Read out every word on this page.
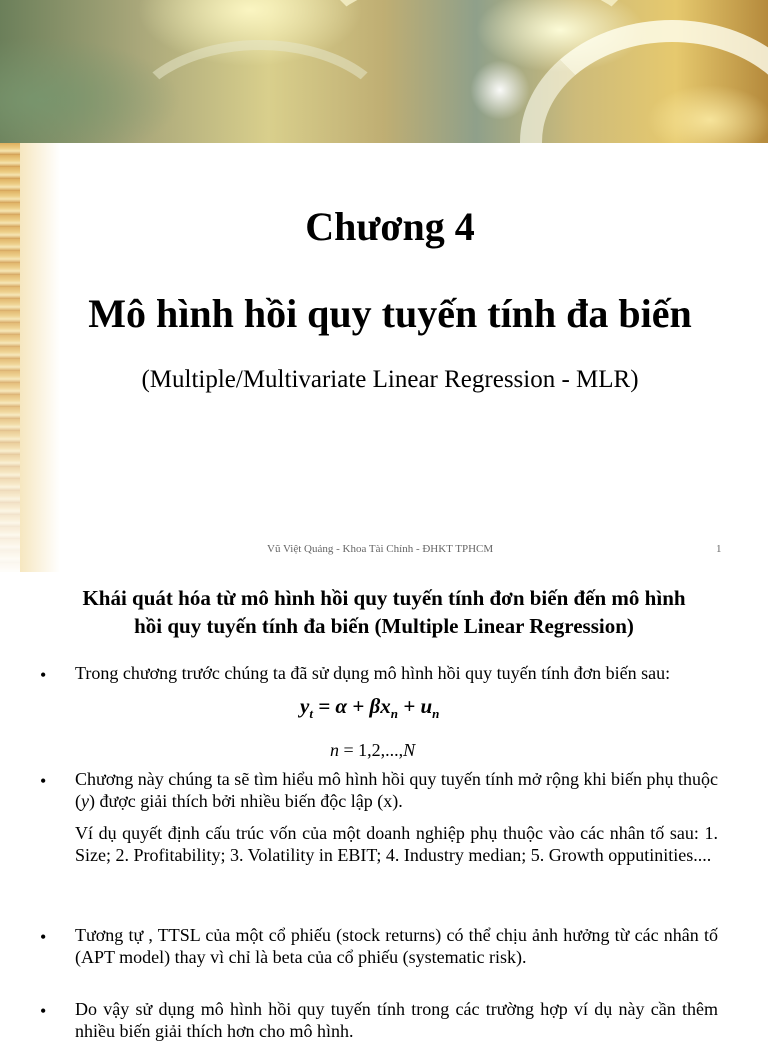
Chương 4
Mô hình hồi quy tuyến tính đa biến
(Multiple/Multivariate Linear Regression - MLR)
Vũ Việt Quảng - Khoa Tài Chính - ĐHKT TPHCM	1
Khái quát hóa từ mô hình hồi quy tuyến tính đơn biến đến mô hình
hồi quy tuyến tính đa biến (Multiple Linear Regression)
• Trong chương trước chúng ta đã sử dụng mô hình hồi quy tuyến tính đơn biến sau:
$y_t = \alpha + \beta x_n + u_n$
n = 1,2,...,N
• Chương này chúng ta sẽ tìm hiểu mô hình hồi quy tuyến tính mở rộng khi biến phụ thuộc (y) được giải thích bởi nhiều biến độc lập (x).
Ví dụ quyết định cấu trúc vốn của một doanh nghiệp phụ thuộc vào các nhân tố sau: 1. Size; 2. Profitability; 3. Volatility in EBIT; 4. Industry median; 5. Growth opputinities....
• Tương tự , TTSL của một cổ phiếu (stock returns) có thể chịu ảnh hưởng từ các nhân tố (APT model) thay vì chỉ là beta của cổ phiếu (systematic risk).
• Do vậy sử dụng mô hình hồi quy tuyến tính trong các trường hợp ví dụ này cần thêm nhiều biến giải thích hơn cho mô hình.
